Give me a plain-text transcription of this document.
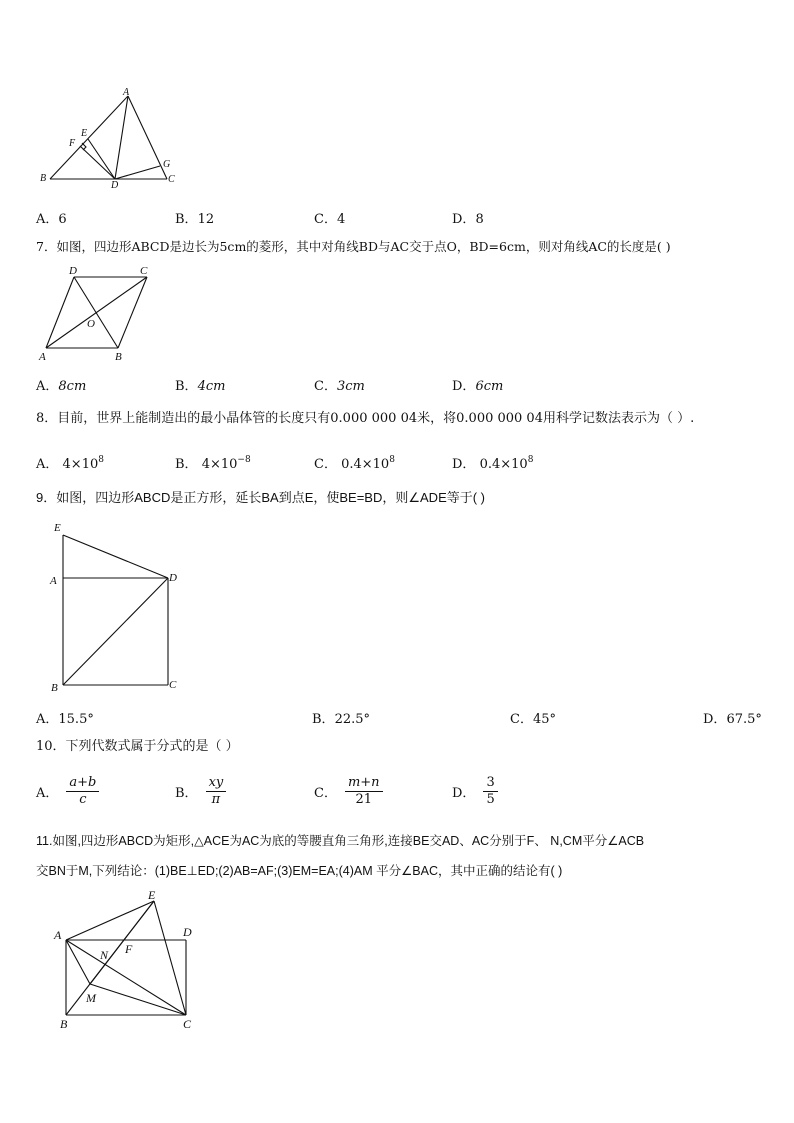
A
E
F
B
D
G
C
A．6	B．12	C．4	D．8
7．如图，四边形ABCD是边长为5cm的菱形，其中对角线BD与AC交于点O，BD=6cm，则对角线AC的长度是( )
D	C
O
A	B
A．8cm	B．4cm	C．3cm	D．6cm
8．目前，世界上能制造出的最小晶体管的长度只有0.000 000 04米，将0.000 000 04用科学记数法表示为（ ）.
A． $4\times 10^8$	B． $4\times 10^{-8}$	C． $0.4\times 10^8$	D． $0.4\times 10^8$
9．如图，四边形ABCD是正方形，延长BA到点E，使BE=BD，则∠ADE等于( )
E
A	D
B	C
A．15.5°	B．22.5°	C．45°	D．67.5°
10．下列代数式属于分式的是（ ）
A． $\frac{a+b}{c}$	B． $\frac{xy}{\pi}$	C． $\frac{m+n}{21}$	D． $\frac{3}{5}$
11.如图,四边形ABCD为矩形,△ACE为AC为底的等腰直角三角形,连接BE交AD、AC分别于F、 N,CM平分∠ACB
交BN于M,下列结论：(1)BE⊥ED;(2)AB=AF;(3)EM=EA;(4)AM 平分∠BAC，其中正确的结论有( )
E
A	D
N F
M
B	C
